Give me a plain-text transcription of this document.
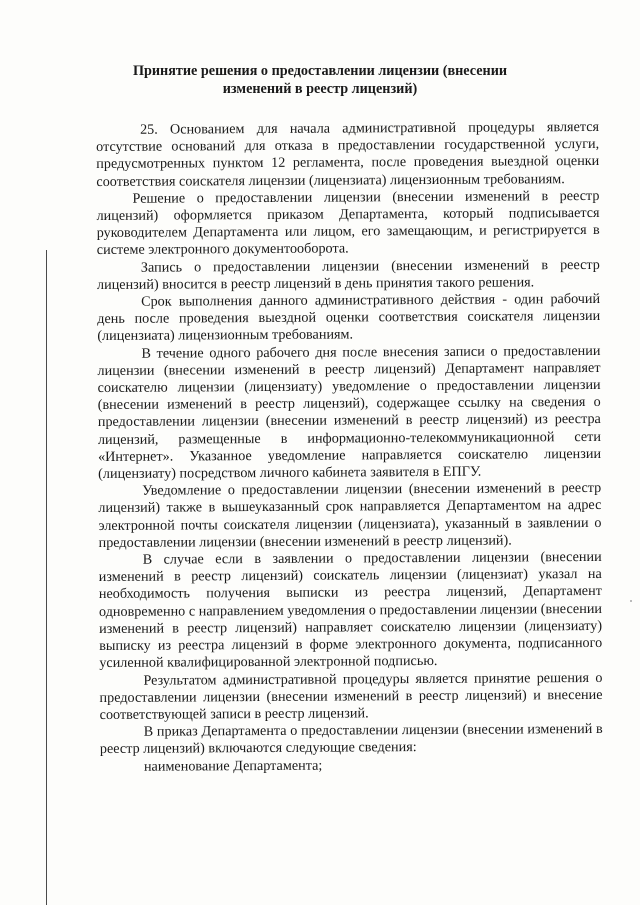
Принятие решения о предоставлении лицензии (внесении изменений в реестр лицензий)

25. Основанием для начала административной процедуры является отсутствие оснований для отказа в предоставлении государственной услуги, предусмотренных пунктом 12 регламента, после проведения выездной оценки соответствия соискателя лицензии (лицензиата) лицензионным требованиям.

Решение о предоставлении лицензии (внесении изменений в реестр лицензий) оформляется приказом Департамента, который подписывается руководителем Департамента или лицом, его замещающим, и регистрируется в системе электронного документооборота.

Запись о предоставлении лицензии (внесении изменений в реестр лицензий) вносится в реестр лицензий в день принятия такого решения.

Срок выполнения данного административного действия - один рабочий день после проведения выездной оценки соответствия соискателя лицензии (лицензиата) лицензионным требованиям.

В течение одного рабочего дня после внесения записи о предоставлении лицензии (внесении изменений в реестр лицензий) Департамент направляет соискателю лицензии (лицензиату) уведомление о предоставлении лицензии (внесении изменений в реестр лицензий), содержащее ссылку на сведения о предоставлении лицензии (внесении изменений в реестр лицензий) из реестра лицензий, размещенные в информационно-телекоммуникационной сети «Интернет». Указанное уведомление направляется соискателю лицензии (лицензиату) посредством личного кабинета заявителя в ЕПГУ.

Уведомление о предоставлении лицензии (внесении изменений в реестр лицензий) также в вышеуказанный срок направляется Департаментом на адрес электронной почты соискателя лицензии (лицензиата), указанный в заявлении о предоставлении лицензии (внесении изменений в реестр лицензий).

В случае если в заявлении о предоставлении лицензии (внесении изменений в реестр лицензий) соискатель лицензии (лицензиат) указал на необходимость получения выписки из реестра лицензий, Департамент одновременно с направлением уведомления о предоставлении лицензии (внесении изменений в реестр лицензий) направляет соискателю лицензии (лицензиату) выписку из реестра лицензий в форме электронного документа, подписанного усиленной квалифицированной электронной подписью.

Результатом административной процедуры является принятие решения о предоставлении лицензии (внесении изменений в реестр лицензий) и внесение соответствующей записи в реестр лицензий.

В приказ Департамента о предоставлении лицензии (внесении изменений в реестр лицензий) включаются следующие сведения:

наименование Департамента;
